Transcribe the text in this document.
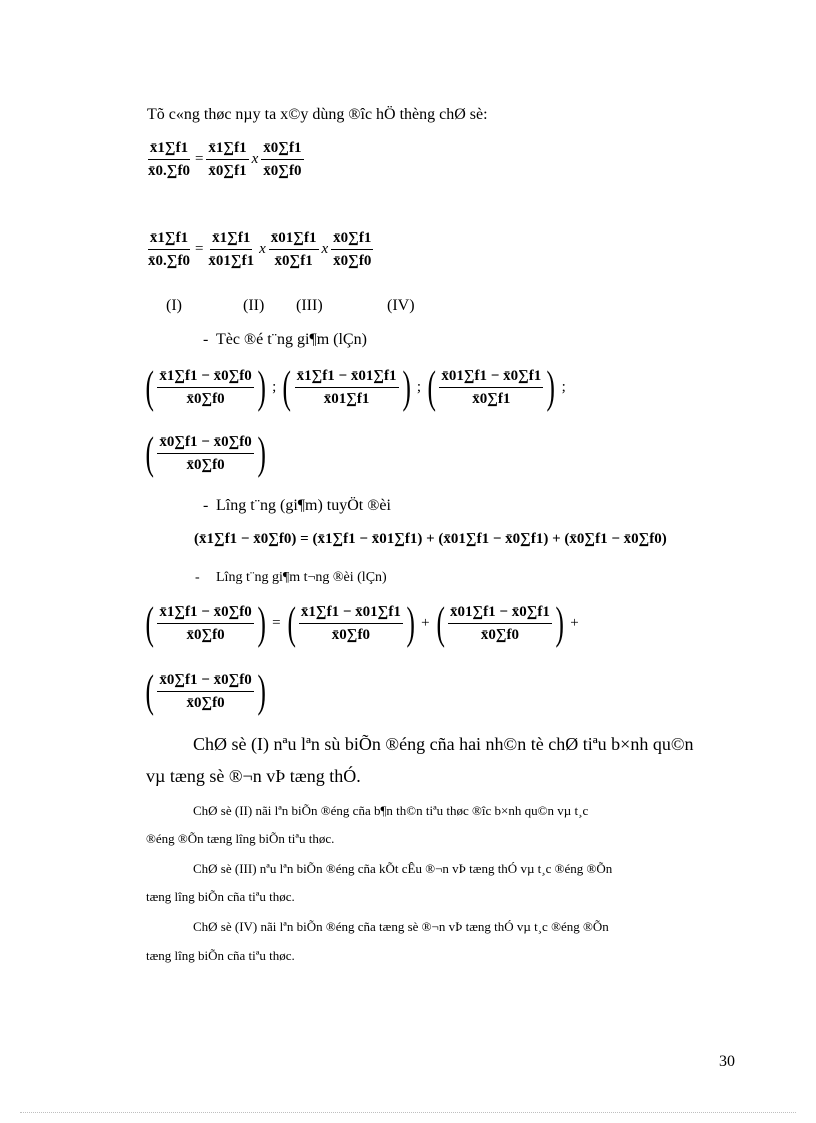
Tõ c«ng thøc nµy ta x©y dùng ®îc hÖ thèng chØ sè:
$\frac{x̄1\sum f1}{x̄0.\sum f0} = \frac{x̄1\sum f1}{x̄0\sum f1}$ x $\frac{x̄0\sum f1}{x̄0\sum f0}$
$\frac{x̄1\sum f1}{x̄0.\sum f0} = \frac{x̄1\sum f1}{x̄01\sum f1}$ x $\frac{x̄01\sum f1}{x̄0\sum f1}$ x $\frac{x̄0\sum f1}{x̄0\sum f0}$
(I)	(II) (III)	(IV)
- Tèc ®é t¨ng gi¶m (lÇn)
( $\frac{x̄1\sum f1 - x̄0\sum f0}{x̄0\sum f0}$ ) ; ( $\frac{x̄1\sum f1 - x̄01\sum f1}{x̄01\sum f1}$ ) ; ( $\frac{x̄01\sum f1 - x̄0\sum f1}{x̄0\sum f1}$ ) ;
( $\frac{x̄0\sum f1 - x̄0\sum f0}{x̄0\sum f0}$ )
- Lîng t¨ng (gi¶m) tuyÖt ®èi
(x̄1∑f1 − x̄0∑f0) = (x̄1∑f1 − x̄01∑f1) + (x̄01∑f1 − x̄0∑f1) + (x̄0∑f1 − x̄0∑f0)
- Lîng t¨ng gi¶m t¬ng ®èi (lÇn)
( $\frac{x̄1\sum f1 - x̄0\sum f0}{x̄0\sum f0}$ ) = ( $\frac{x̄1\sum f1 - x̄01\sum f1}{x̄0\sum f0}$ ) + ( $\frac{x̄01\sum f1 - x̄0\sum f1}{x̄0\sum f0}$ ) +
( $\frac{x̄0\sum f1 - x̄0\sum f0}{x̄0\sum f0}$ )
ChØ sè (I) nªu lªn sù biÕn ®éng cña hai nh©n tè chØ tiªu b×nh qu©n
vµ tæng sè ®¬n vÞ tæng thÓ.
ChØ sè (II) nãi lªn biÕn ®éng cña b¶n th©n tiªu thøc ®îc b×nh qu©n vµ t¸c
®éng ®Õn tæng lîng biÕn tiªu thøc.
ChØ sè (III) nªu lªn biÕn ®éng cña kÕt cÊu ®¬n vÞ tæng thÓ vµ t¸c ®éng ®Õn
tæng lîng biÕn cña tiªu thøc.
ChØ sè (IV) nãi lªn biÕn ®éng cña tæng sè ®¬n vÞ tæng thÓ vµ t¸c ®éng ®Õn
tæng lîng biÕn cña tiªu thøc.
30
